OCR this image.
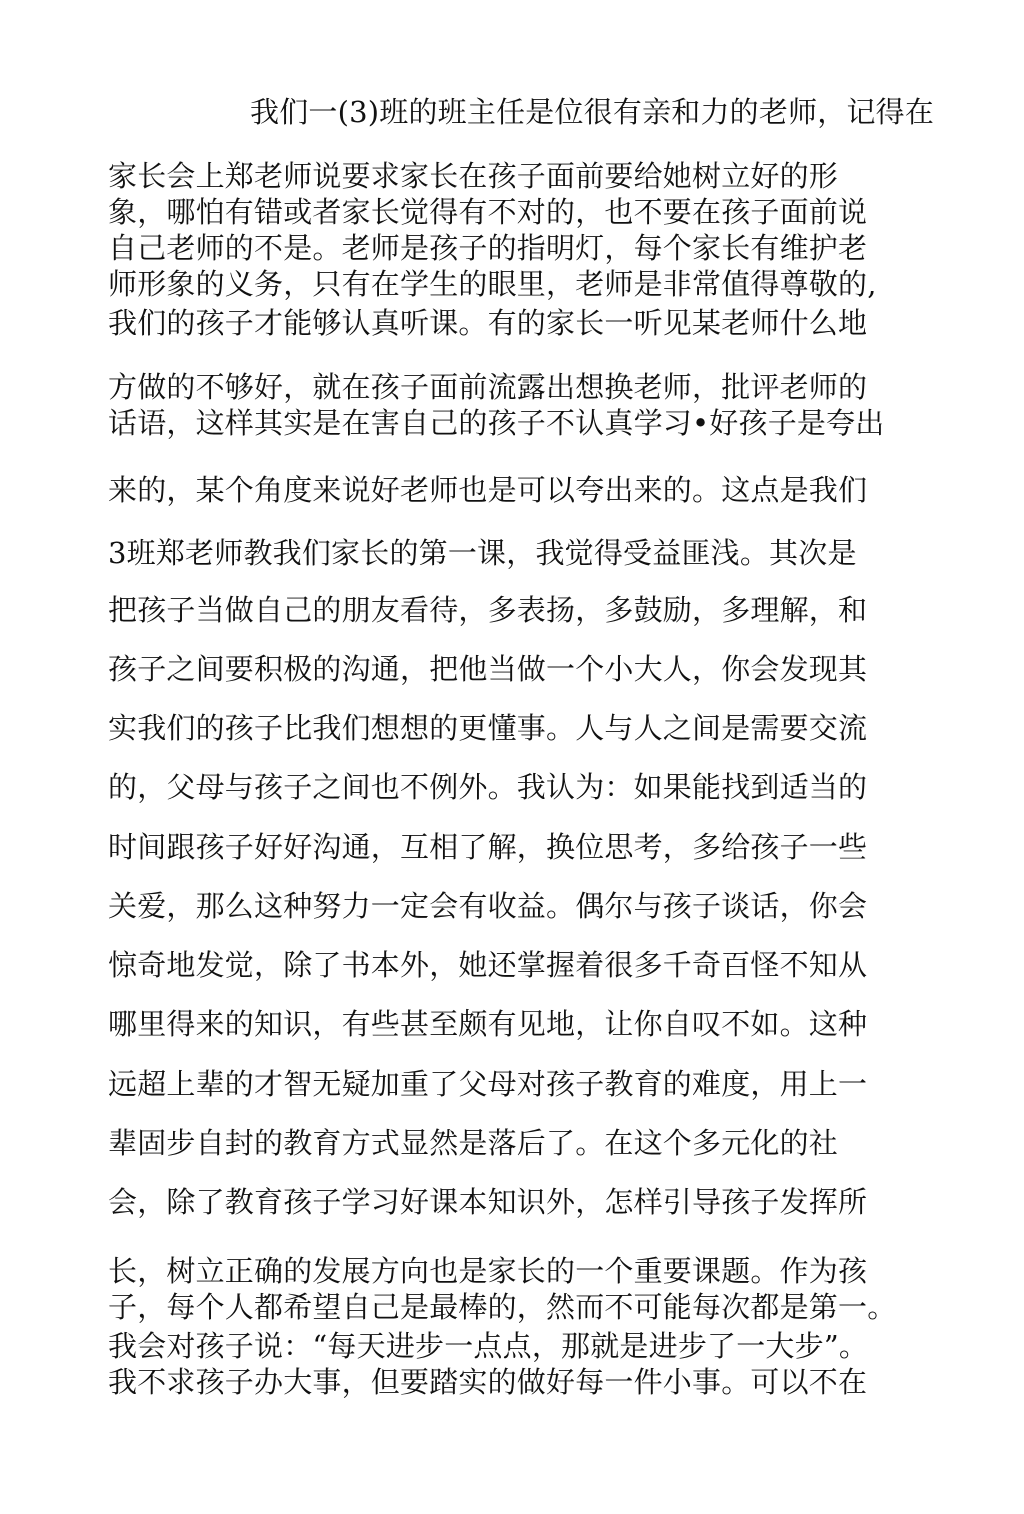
我们一(3)班的班主任是位很有亲和力的老师，记得在
家长会上郑老师说要求家长在孩子面前要给她树立好的形
象，哪怕有错或者家长觉得有不对的，也不要在孩子面前说
自己老师的不是。老师是孩子的指明灯，每个家长有维护老
师形象的义务，只有在学生的眼里，老师是非常值得尊敬的,
我们的孩子才能够认真听课。有的家长一听见某老师什么地
方做的不够好，就在孩子面前流露出想换老师，批评老师的
话语，这样其实是在害自己的孩子不认真学习•好孩子是夸出
来的，某个角度来说好老师也是可以夸出来的。这点是我们
3班郑老师教我们家长的第一课，我觉得受益匪浅。其次是
把孩子当做自己的朋友看待，多表扬，多鼓励，多理解，和
孩子之间要积极的沟通，把他当做一个小大人，你会发现其
实我们的孩子比我们想想的更懂事。人与人之间是需要交流
的，父母与孩子之间也不例外。我认为：如果能找到适当的
时间跟孩子好好沟通，互相了解，换位思考，多给孩子一些
关爱，那么这种努力一定会有收益。偶尔与孩子谈话，你会
惊奇地发觉，除了书本外，她还掌握着很多千奇百怪不知从
哪里得来的知识，有些甚至颇有见地，让你自叹不如。这种
远超上辈的才智无疑加重了父母对孩子教育的难度，用上一
辈固步自封的教育方式显然是落后了。在这个多元化的社
会，除了教育孩子学习好课本知识外，怎样引导孩子发挥所
长，树立正确的发展方向也是家长的一个重要课题。作为孩
子，每个人都希望自己是最棒的，然而不可能每次都是第一。
我会对孩子说：“每天进步一点点，那就是进步了一大步”。
我不求孩子办大事，但要踏实的做好每一件小事。可以不在
